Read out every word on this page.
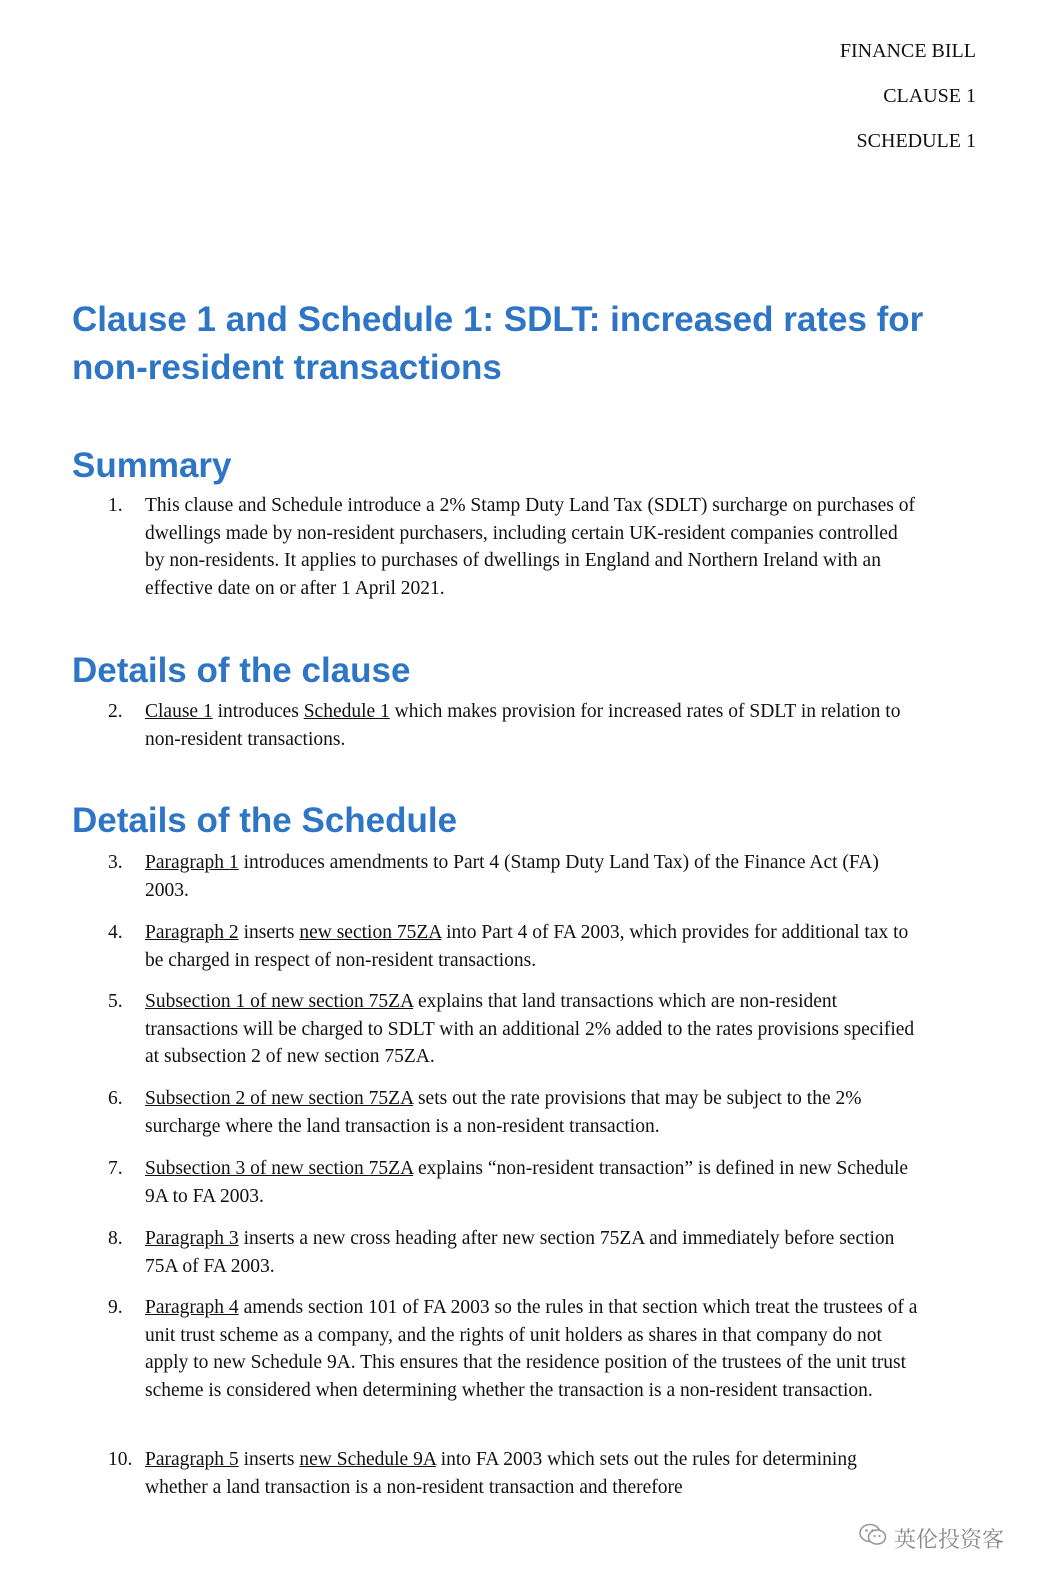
FINANCE BILL
CLAUSE 1
SCHEDULE 1
Clause 1 and Schedule 1: SDLT: increased rates for non-resident transactions
Summary
1.	This clause and Schedule introduce a 2% Stamp Duty Land Tax (SDLT) surcharge on purchases of dwellings made by non-resident purchasers, including certain UK-resident companies controlled by non-residents. It applies to purchases of dwellings in England and Northern Ireland with an effective date on or after 1 April 2021.
Details of the clause
2.	Clause 1 introduces Schedule 1 which makes provision for increased rates of SDLT in relation to non-resident transactions.
Details of the Schedule
3.	Paragraph 1 introduces amendments to Part 4 (Stamp Duty Land Tax) of the Finance Act (FA) 2003.
4.	Paragraph 2 inserts new section 75ZA into Part 4 of FA 2003, which provides for additional tax to be charged in respect of non-resident transactions.
5.	Subsection 1 of new section 75ZA explains that land transactions which are non-resident transactions will be charged to SDLT with an additional 2% added to the rates provisions specified at subsection 2 of new section 75ZA.
6.	Subsection 2 of new section 75ZA sets out the rate provisions that may be subject to the 2% surcharge where the land transaction is a non-resident transaction.
7.	Subsection 3 of new section 75ZA explains “non-resident transaction” is defined in new Schedule 9A to FA 2003.
8.	Paragraph 3 inserts a new cross heading after new section 75ZA and immediately before section 75A of FA 2003.
9.	Paragraph 4 amends section 101 of FA 2003 so the rules in that section which treat the trustees of a unit trust scheme as a company, and the rights of unit holders as shares in that company do not apply to new Schedule 9A. This ensures that the residence position of the trustees of the unit trust scheme is considered when determining whether the transaction is a non-resident transaction.
10. Paragraph 5 inserts new Schedule 9A into FA 2003 which sets out the rules for determining whether a land transaction is a non-resident transaction and therefore
英伦投资客
